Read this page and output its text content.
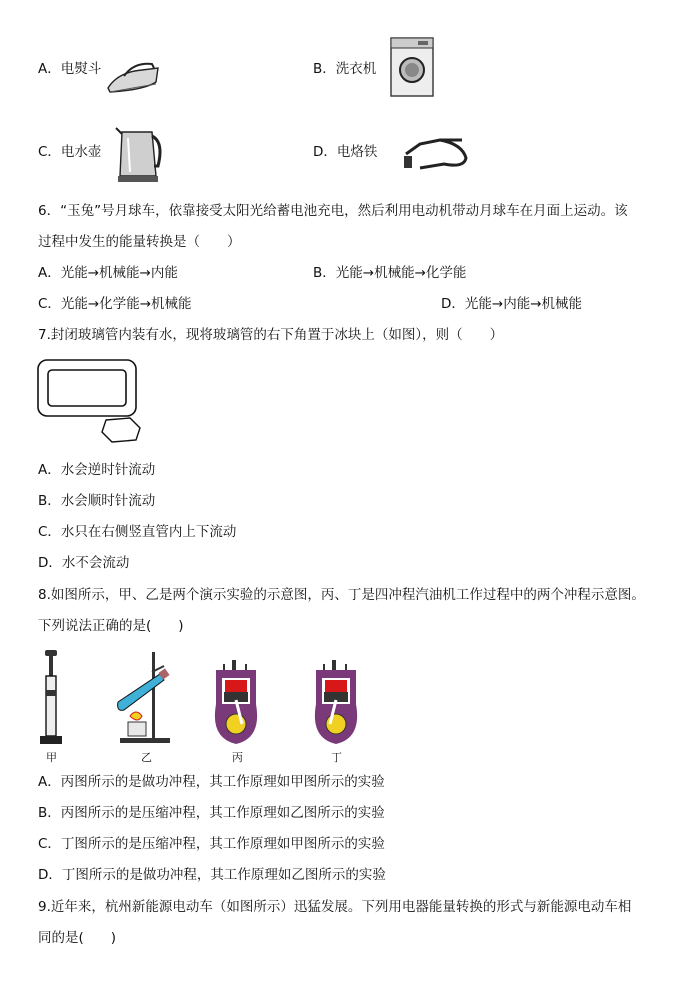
A．电熨斗	B．洗衣机
C．电水壶	D．电烙铁
6．“玉兔”号月球车，依靠接受太阳光给蓄电池充电，然后利用电动机带动月球车在月面上运动。该
过程中发生的能量转换是（　　）
A．光能→机械能→内能	B．光能→机械能→化学能
C．光能→化学能→机械能	D．光能→内能→机械能
7.封闭玻璃管内装有水，现将玻璃管的右下角置于冰块上（如图），则（　　）
A．水会逆时针流动
B．水会顺时针流动
C．水只在右侧竖直管内上下流动
D．水不会流动
8.如图所示，甲、乙是两个演示实验的示意图，丙、丁是四冲程汽油机工作过程中的两个冲程示意图。
下列说法正确的是(　　)
甲	乙	丙	丁
A．丙图所示的是做功冲程，其工作原理如甲图所示的实验
B．丙图所示的是压缩冲程，其工作原理如乙图所示的实验
C．丁图所示的是压缩冲程，其工作原理如甲图所示的实验
D．丁图所示的是做功冲程，其工作原理如乙图所示的实验
9.近年来，杭州新能源电动车（如图所示）迅猛发展。下列用电器能量转换的形式与新能源电动车相
同的是(　　)
